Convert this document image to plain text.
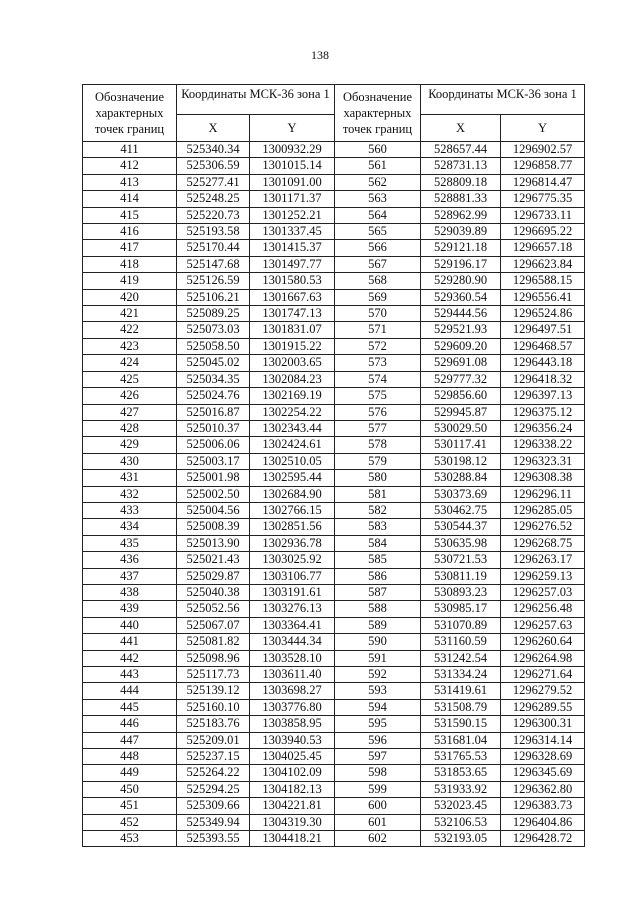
138
Обозначение характерных точек границ	Координаты МСК-36 зона 1		Обозначение характерных точек границ	Координаты МСК-36 зона 1	
	X	Y		X	Y
411	525340.34	1300932.29	560	528657.44	1296902.57
412	525306.59	1301015.14	561	528731.13	1296858.77
413	525277.41	1301091.00	562	528809.18	1296814.47
414	525248.25	1301171.37	563	528881.33	1296775.35
415	525220.73	1301252.21	564	528962.99	1296733.11
416	525193.58	1301337.45	565	529039.89	1296695.22
417	525170.44	1301415.37	566	529121.18	1296657.18
418	525147.68	1301497.77	567	529196.17	1296623.84
419	525126.59	1301580.53	568	529280.90	1296588.15
420	525106.21	1301667.63	569	529360.54	1296556.41
421	525089.25	1301747.13	570	529444.56	1296524.86
422	525073.03	1301831.07	571	529521.93	1296497.51
423	525058.50	1301915.22	572	529609.20	1296468.57
424	525045.02	1302003.65	573	529691.08	1296443.18
425	525034.35	1302084.23	574	529777.32	1296418.32
426	525024.76	1302169.19	575	529856.60	1296397.13
427	525016.87	1302254.22	576	529945.87	1296375.12
428	525010.37	1302343.44	577	530029.50	1296356.24
429	525006.06	1302424.61	578	530117.41	1296338.22
430	525003.17	1302510.05	579	530198.12	1296323.31
431	525001.98	1302595.44	580	530288.84	1296308.38
432	525002.50	1302684.90	581	530373.69	1296296.11
433	525004.56	1302766.15	582	530462.75	1296285.05
434	525008.39	1302851.56	583	530544.37	1296276.52
435	525013.90	1302936.78	584	530635.98	1296268.75
436	525021.43	1303025.92	585	530721.53	1296263.17
437	525029.87	1303106.77	586	530811.19	1296259.13
438	525040.38	1303191.61	587	530893.23	1296257.03
439	525052.56	1303276.13	588	530985.17	1296256.48
440	525067.07	1303364.41	589	531070.89	1296257.63
441	525081.82	1303444.34	590	531160.59	1296260.64
442	525098.96	1303528.10	591	531242.54	1296264.98
443	525117.73	1303611.40	592	531334.24	1296271.64
444	525139.12	1303698.27	593	531419.61	1296279.52
445	525160.10	1303776.80	594	531508.79	1296289.55
446	525183.76	1303858.95	595	531590.15	1296300.31
447	525209.01	1303940.53	596	531681.04	1296314.14
448	525237.15	1304025.45	597	531765.53	1296328.69
449	525264.22	1304102.09	598	531853.65	1296345.69
450	525294.25	1304182.13	599	531933.92	1296362.80
451	525309.66	1304221.81	600	532023.45	1296383.73
452	525349.94	1304319.30	601	532106.53	1296404.86
453	525393.55	1304418.21	602	532193.05	1296428.72
